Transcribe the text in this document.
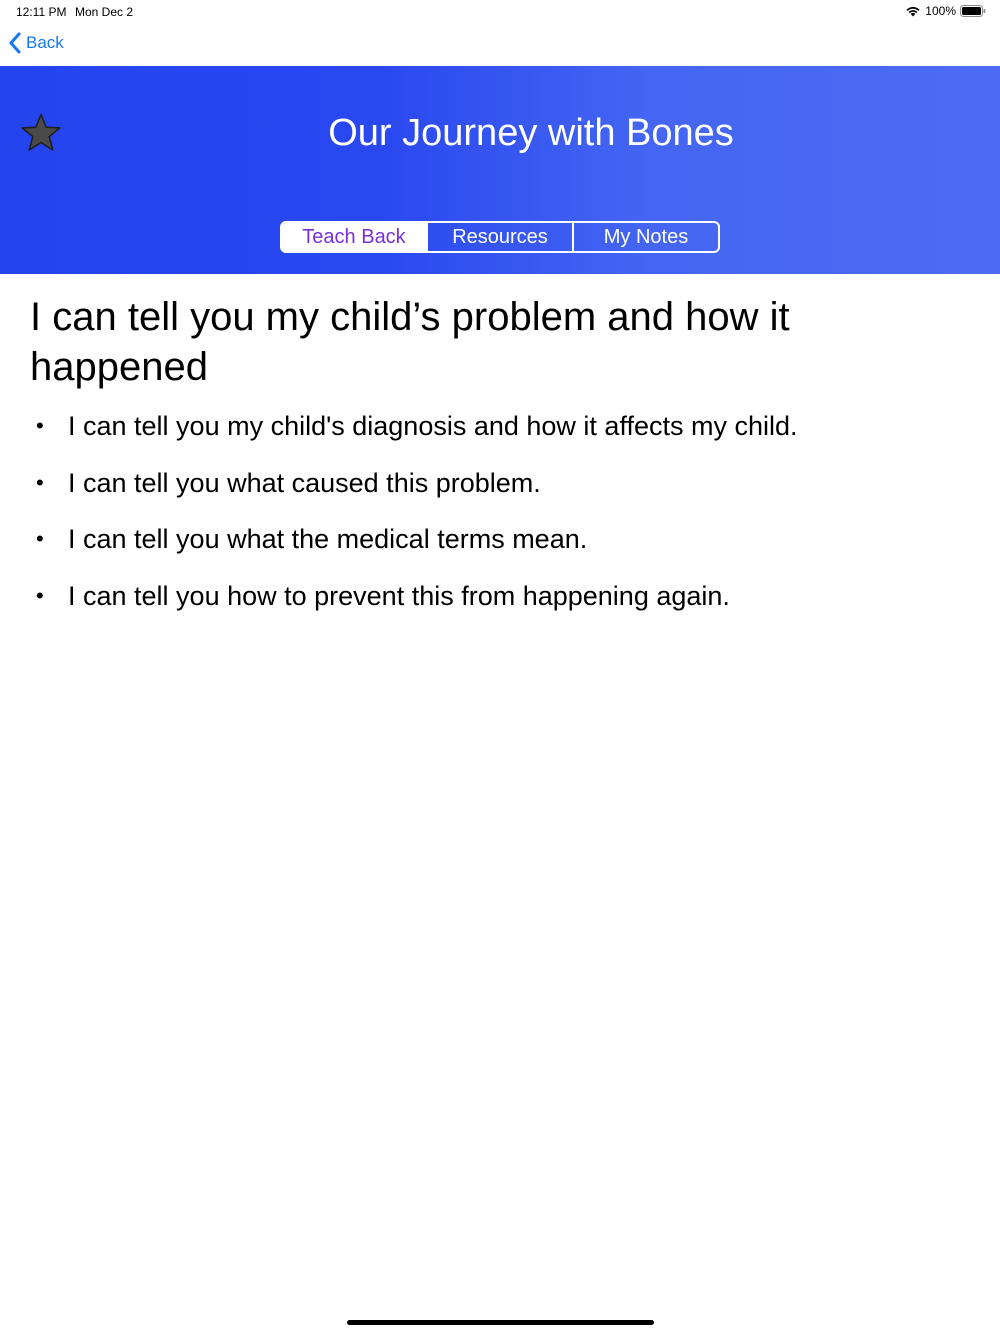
12:11 PM Mon Dec 2	100%
Back
Our Journey with Bones
Teach Back	Resources	My Notes
I can tell you my child’s problem and how it happened
• I can tell you my child's diagnosis and how it affects my child.
• I can tell you what caused this problem.
• I can tell you what the medical terms mean.
• I can tell you how to prevent this from happening again.
